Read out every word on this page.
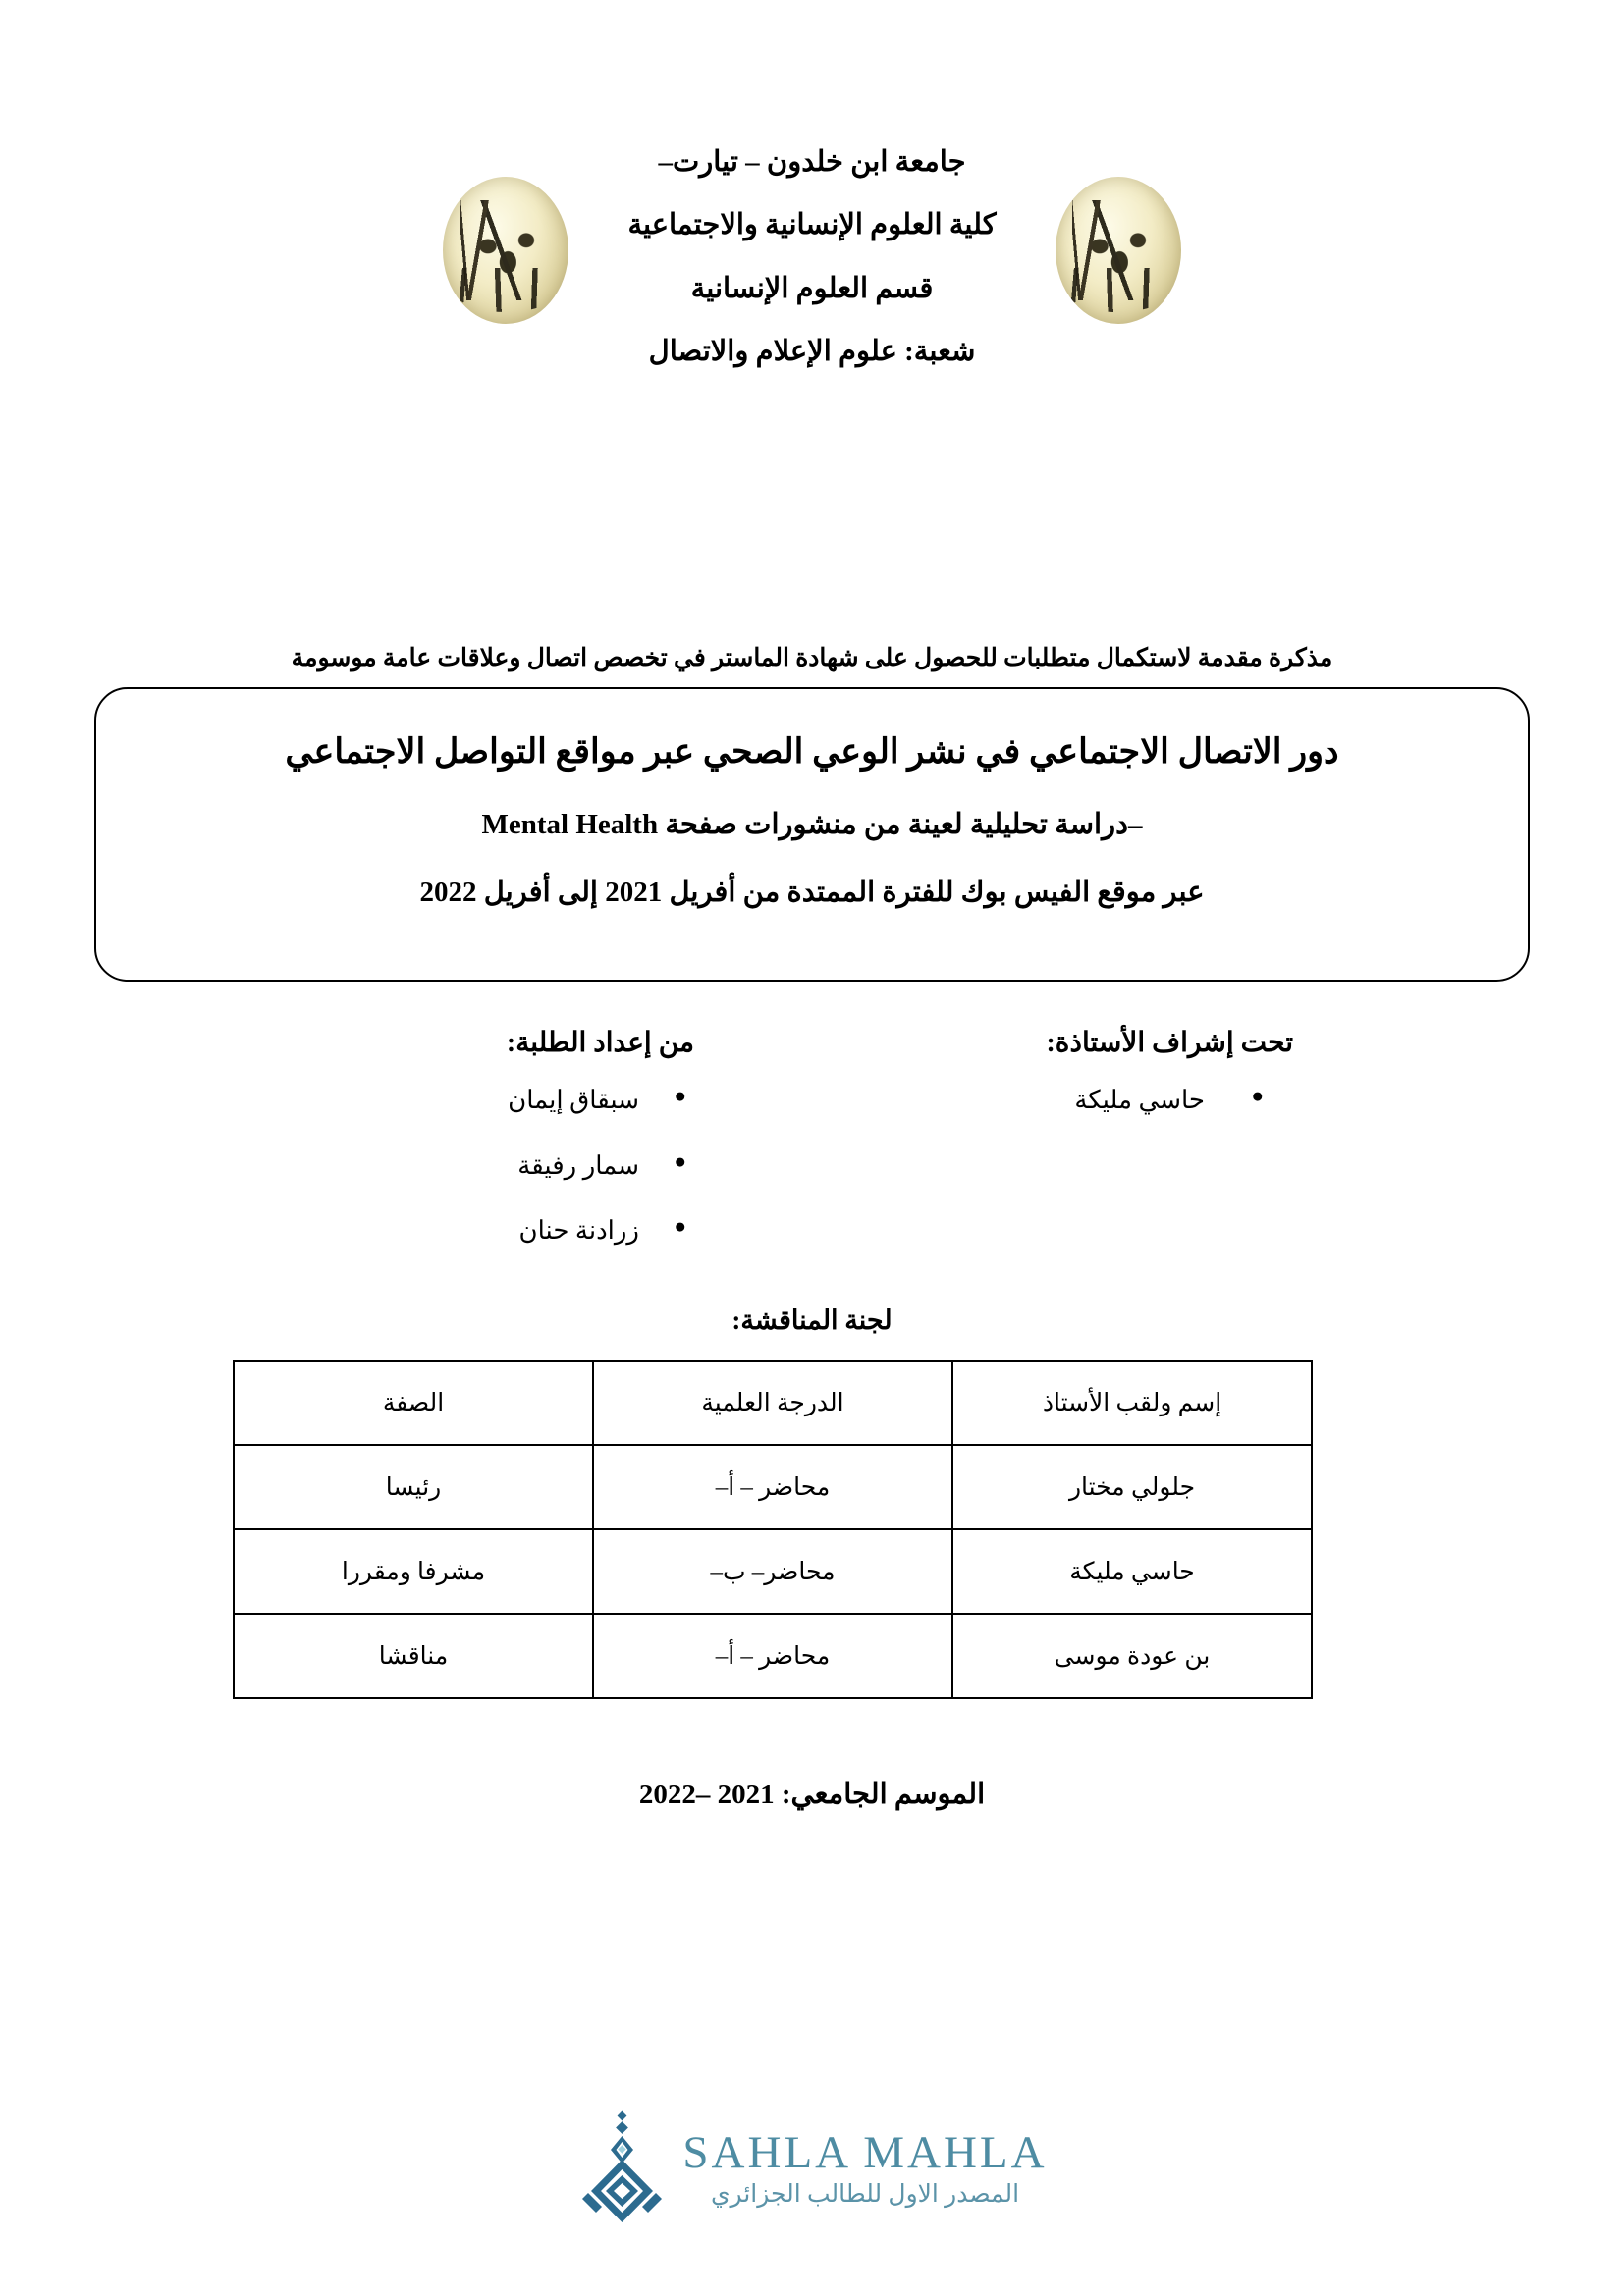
جامعة ابن خلدون – تيارت–
كلية العلوم الإنسانية والاجتماعية
قسم العلوم الإنسانية
شعبة: علوم الإعلام والاتصال
مذكرة مقدمة لاستكمال متطلبات للحصول على شهادة الماستر في تخصص اتصال وعلاقات عامة موسومة
دور الاتصال الاجتماعي في نشر الوعي الصحي عبر مواقع التواصل الاجتماعي
–دراسة تحليلية لعينة من منشورات صفحة Mental Health
عبر موقع الفيس بوك للفترة الممتدة من أفريل 2021 إلى أفريل 2022
تحت إشراف الأستاذة:
● حاسي مليكة
من إعداد الطلبة:
● سبقاق إيمان
● سمار رفيقة
● زرادنة حنان
لجنة المناقشة:
إسم ولقب الأستاذ	الدرجة العلمية	الصفة
جلولي مختار	محاضر – أ–	رئيسا
حاسي مليكة	محاضر– ب–	مشرفا ومقررا
بن عودة موسى	محاضر – أ–	مناقشا
الموسم الجامعي: 2021 –2022
SAHLA MAHLA
المصدر الاول للطالب الجزائري
